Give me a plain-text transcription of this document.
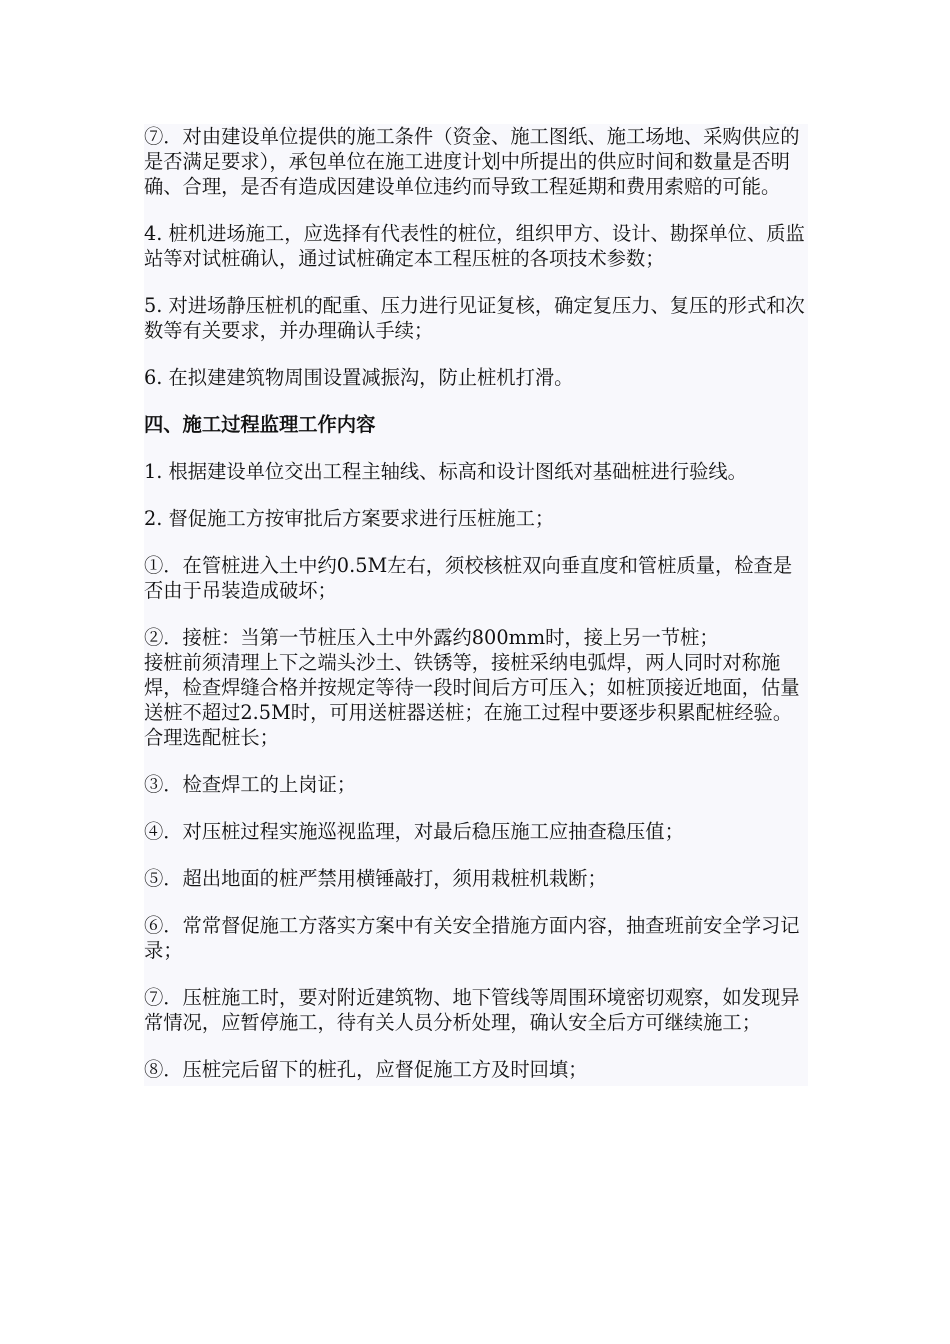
⑦．对由建设单位提供的施工条件（资金、施工图纸、施工场地、采购供应的是否满足要求），承包单位在施工进度计划中所提出的供应时间和数量是否明确、合理，是否有造成因建设单位违约而导致工程延期和费用索赔的可能。

4. 桩机进场施工，应选择有代表性的桩位，组织甲方、设计、勘探单位、质监站等对试桩确认，通过试桩确定本工程压桩的各项技术参数；

5. 对进场静压桩机的配重、压力进行见证复核，确定复压力、复压的形式和次数等有关要求，并办理确认手续；

6. 在拟建建筑物周围设置减振沟，防止桩机打滑。

四、施工过程监理工作内容

1. 根据建设单位交出工程主轴线、标高和设计图纸对基础桩进行验线。

2. 督促施工方按审批后方案要求进行压桩施工；

①．在管桩进入土中约0.5M左右，须校核桩双向垂直度和管桩质量，检查是否由于吊装造成破坏；

②．接桩：当第一节桩压入土中外露约800mm时，接上另一节桩；
接桩前须清理上下之端头沙土、铁锈等，接桩采纳电弧焊，两人同时对称施焊，检查焊缝合格并按规定等待一段时间后方可压入；如桩顶接近地面，估量送桩不超过2.5M时，可用送桩器送桩；在施工过程中要逐步积累配桩经验。合理选配桩长；

③．检查焊工的上岗证；

④．对压桩过程实施巡视监理，对最后稳压施工应抽查稳压值；

⑤．超出地面的桩严禁用横锤敲打，须用栽桩机栽断；

⑥．常常督促施工方落实方案中有关安全措施方面内容，抽查班前安全学习记录；

⑦．压桩施工时，要对附近建筑物、地下管线等周围环境密切观察，如发现异常情况，应暂停施工，待有关人员分析处理，确认安全后方可继续施工；

⑧．压桩完后留下的桩孔，应督促施工方及时回填；
